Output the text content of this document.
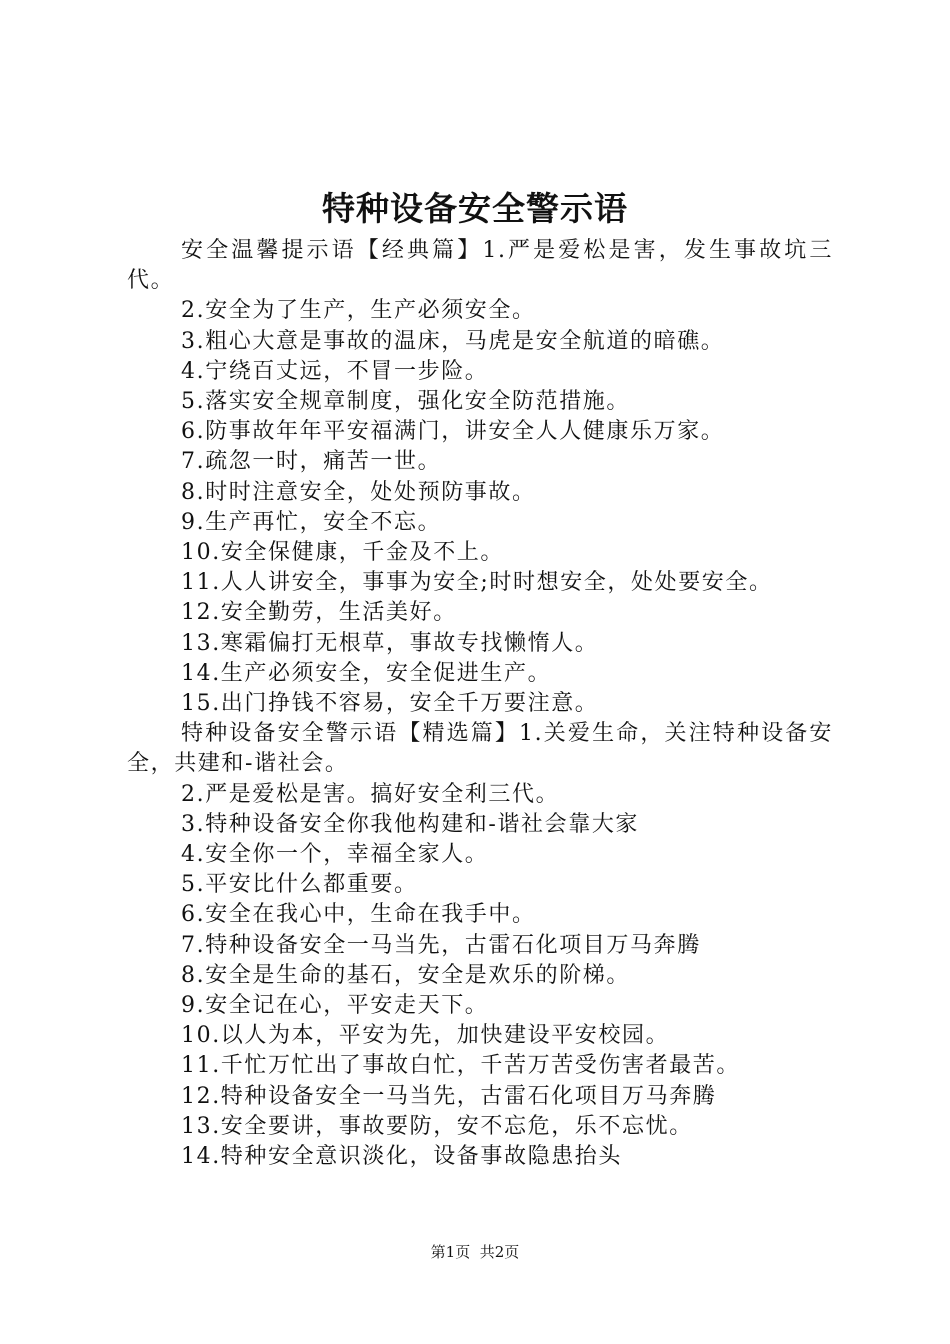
特种设备安全警示语

安全温馨提示语【经典篇】1.严是爱松是害，发生事故坑三代。

2.安全为了生产，生产必须安全。

3.粗心大意是事故的温床，马虎是安全航道的暗礁。

4.宁绕百丈远，不冒一步险。

5.落实安全规章制度，强化安全防范措施。

6.防事故年年平安福满门，讲安全人人健康乐万家。

7.疏忽一时，痛苦一世。

8.时时注意安全，处处预防事故。

9.生产再忙，安全不忘。

10.安全保健康，千金及不上。

11.人人讲安全，事事为安全;时时想安全，处处要安全。

12.安全勤劳，生活美好。

13.寒霜偏打无根草，事故专找懒惰人。

14.生产必须安全，安全促进生产。

15.出门挣钱不容易，安全千万要注意。

特种设备安全警示语【精选篇】1.关爱生命，关注特种设备安全，共建和-谐社会。

2.严是爱松是害。搞好安全利三代。

3.特种设备安全你我他构建和-谐社会靠大家

4.安全你一个，幸福全家人。

5.平安比什么都重要。

6.安全在我心中，生命在我手中。

7.特种设备安全一马当先，古雷石化项目万马奔腾

8.安全是生命的基石，安全是欢乐的阶梯。

9.安全记在心，平安走天下。

10.以人为本，平安为先，加快建设平安校园。

11.千忙万忙出了事故白忙，千苦万苦受伤害者最苦。

12.特种设备安全一马当先，古雷石化项目万马奔腾

13.安全要讲，事故要防，安不忘危，乐不忘忧。

14.特种安全意识淡化，设备事故隐患抬头

第1页 共2页
